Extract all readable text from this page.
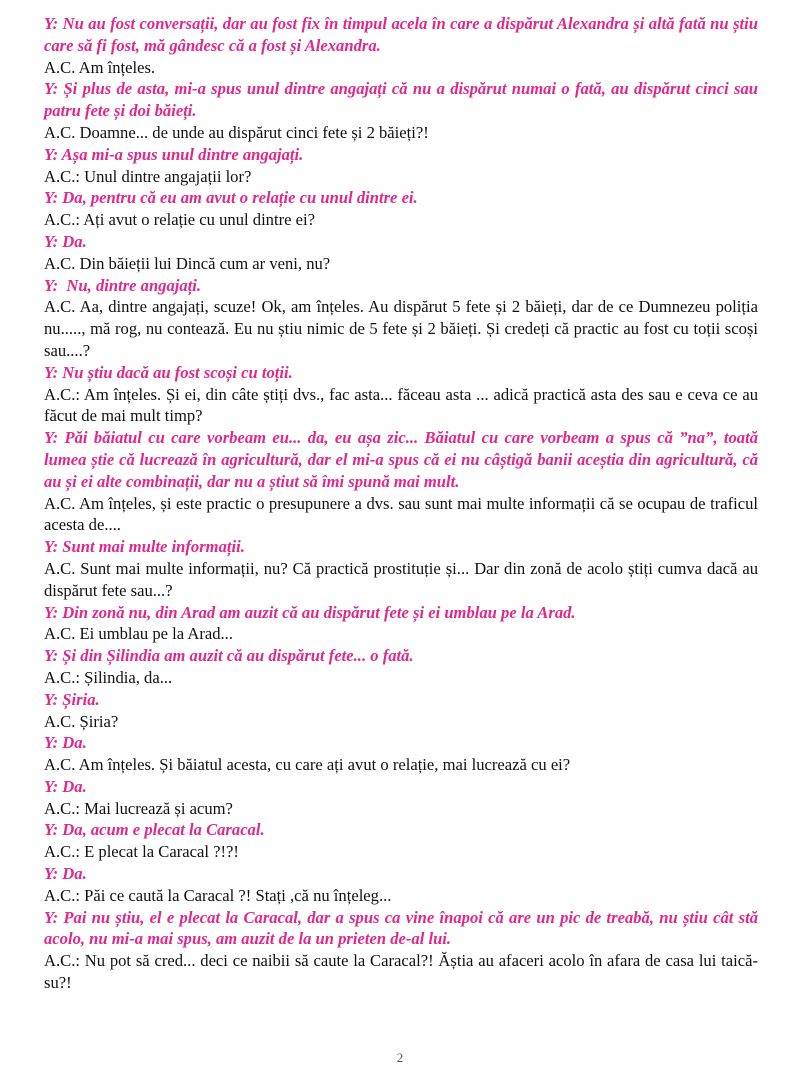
Y: Nu au fost conversații, dar au fost fix în timpul acela în care a dispărut Alexandra și altă fată nu știu care să fi fost, mă gândesc că a fost și Alexandra.

A.C. Am înțeles.

Y: Și plus de asta, mi-a spus unul dintre angajați că nu a dispărut numai o fată, au dispărut cinci sau patru fete și doi băieți.

A.C. Doamne... de unde au dispărut cinci fete și 2 băieți?!

Y: Așa mi-a spus unul dintre angajați.

A.C.: Unul dintre angajații lor?

Y: Da, pentru că eu am avut o relație cu unul dintre ei.

A.C.: Ați avut o relație cu unul dintre ei?

Y: Da.

A.C. Din băieții lui Dincă cum ar veni, nu?

Y:  Nu, dintre angajați.

A.C. Aa, dintre angajați, scuze! Ok, am înțeles. Au dispărut 5 fete și 2 băieți, dar de ce Dumnezeu poliția nu....., mă rog, nu contează. Eu nu știu nimic de 5 fete și 2 băieți. Și credeți că practic au fost cu toții scoși sau....?

Y: Nu știu dacă au fost scoși cu toții.

A.C.: Am înțeles. Și ei, din câte știți dvs., fac asta... făceau asta ... adică practică asta des sau e ceva ce au făcut de mai mult timp?

Y: Păi băiatul cu care vorbeam eu... da, eu așa zic... Băiatul cu care vorbeam a spus că ”na”, toată lumea știe că lucrează în agricultură, dar el mi-a spus că ei nu câștigă banii aceștia din agricultură, că au și ei alte combinații, dar nu a știut să îmi spună mai mult.

A.C. Am înțeles, și este practic o presupunere a dvs. sau sunt mai multe informații că se ocupau de traficul acesta de....

Y: Sunt mai multe informații.

A.C. Sunt mai multe informații, nu? Că practică prostituție și... Dar din zonă de acolo știți cumva dacă au dispărut fete sau...?

Y: Din zonă nu, din Arad am auzit că au dispărut fete și ei umblau pe la Arad.

A.C. Ei umblau pe la Arad...

Y: Și din Șilindia am auzit că au dispărut fete... o fată.

A.C.: Șilindia, da...

Y: Șiria.

A.C. Șiria?

Y: Da.

A.C. Am înțeles. Și băiatul acesta, cu care ați avut o relație, mai lucrează cu ei?

Y: Da.

A.C.: Mai lucrează și acum?

Y: Da, acum e plecat la Caracal.

A.C.: E plecat la Caracal ?!?!

Y: Da.

A.C.: Păi ce caută la Caracal ?! Stați ,că nu înțeleg...

Y: Pai nu știu, el e plecat la Caracal, dar a spus ca vine înapoi că are un pic de treabă, nu știu cât stă acolo, nu mi-a mai spus, am auzit de la un prieten de-al lui.

A.C.: Nu pot să cred... deci ce naibii să caute la Caracal?! Ăștia au afaceri acolo în afara de casa lui taică-su?!

2
